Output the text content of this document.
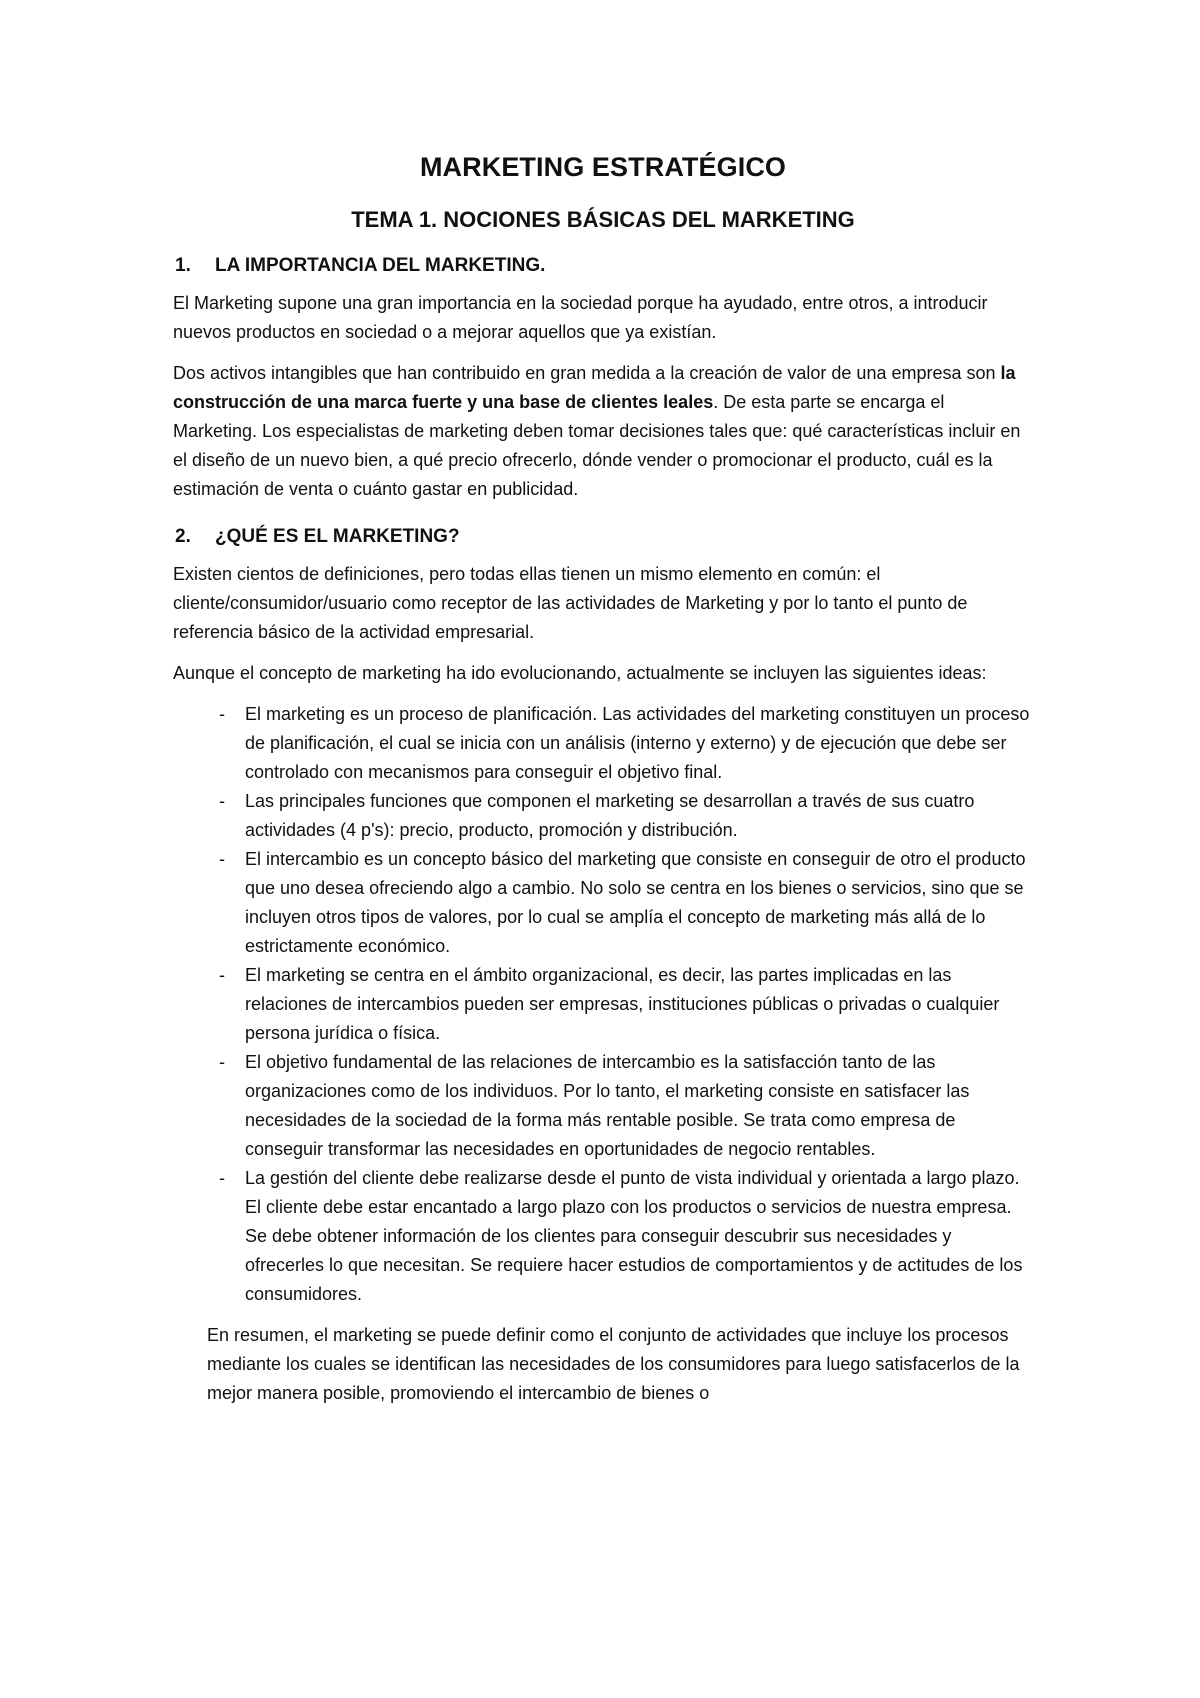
MARKETING ESTRATÉGICO
TEMA 1. NOCIONES BÁSICAS DEL MARKETING
1.	LA IMPORTANCIA DEL MARKETING.

El Marketing supone una gran importancia en la sociedad porque ha ayudado, entre otros, a introducir nuevos productos en sociedad o a mejorar aquellos que ya existían.

Dos activos intangibles que han contribuido en gran medida a la creación de valor de una empresa son la construcción de una marca fuerte y una base de clientes leales. De esta parte se encarga el Marketing. Los especialistas de marketing deben tomar decisiones tales que: qué características incluir en el diseño de un nuevo bien, a qué precio ofrecerlo, dónde vender o promocionar el producto, cuál es la estimación de venta o cuánto gastar en publicidad.

2.	¿QUÉ ES EL MARKETING?

Existen cientos de definiciones, pero todas ellas tienen un mismo elemento en común: el cliente/consumidor/usuario como receptor de las actividades de Marketing y por lo tanto el punto de referencia básico de la actividad empresarial.

Aunque el concepto de marketing ha ido evolucionando, actualmente se incluyen las siguientes ideas:

- El marketing es un proceso de planificación. Las actividades del marketing constituyen un proceso de planificación, el cual se inicia con un análisis (interno y externo) y de ejecución que debe ser controlado con mecanismos para conseguir el objetivo final.
- Las principales funciones que componen el marketing se desarrollan a través de sus cuatro actividades (4 p's): precio, producto, promoción y distribución.
- El intercambio es un concepto básico del marketing que consiste en conseguir de otro el producto que uno desea ofreciendo algo a cambio. No solo se centra en los bienes o servicios, sino que se incluyen otros tipos de valores, por lo cual se amplía el concepto de marketing más allá de lo estrictamente económico.
- El marketing se centra en el ámbito organizacional, es decir, las partes implicadas en las relaciones de intercambios pueden ser empresas, instituciones públicas o privadas o cualquier persona jurídica o física.
- El objetivo fundamental de las relaciones de intercambio es la satisfacción tanto de las organizaciones como de los individuos. Por lo tanto, el marketing consiste en satisfacer las necesidades de la sociedad de la forma más rentable posible. Se trata como empresa de conseguir transformar las necesidades en oportunidades de negocio rentables.
- La gestión del cliente debe realizarse desde el punto de vista individual y orientada a largo plazo. El cliente debe estar encantado a largo plazo con los productos o servicios de nuestra empresa. Se debe obtener información de los clientes para conseguir descubrir sus necesidades y ofrecerles lo que necesitan. Se requiere hacer estudios de comportamientos y de actitudes de los consumidores.

En resumen, el marketing se puede definir como el conjunto de actividades que incluye los procesos mediante los cuales se identifican las necesidades de los consumidores para luego satisfacerlos de la mejor manera posible, promoviendo el intercambio de bienes o
